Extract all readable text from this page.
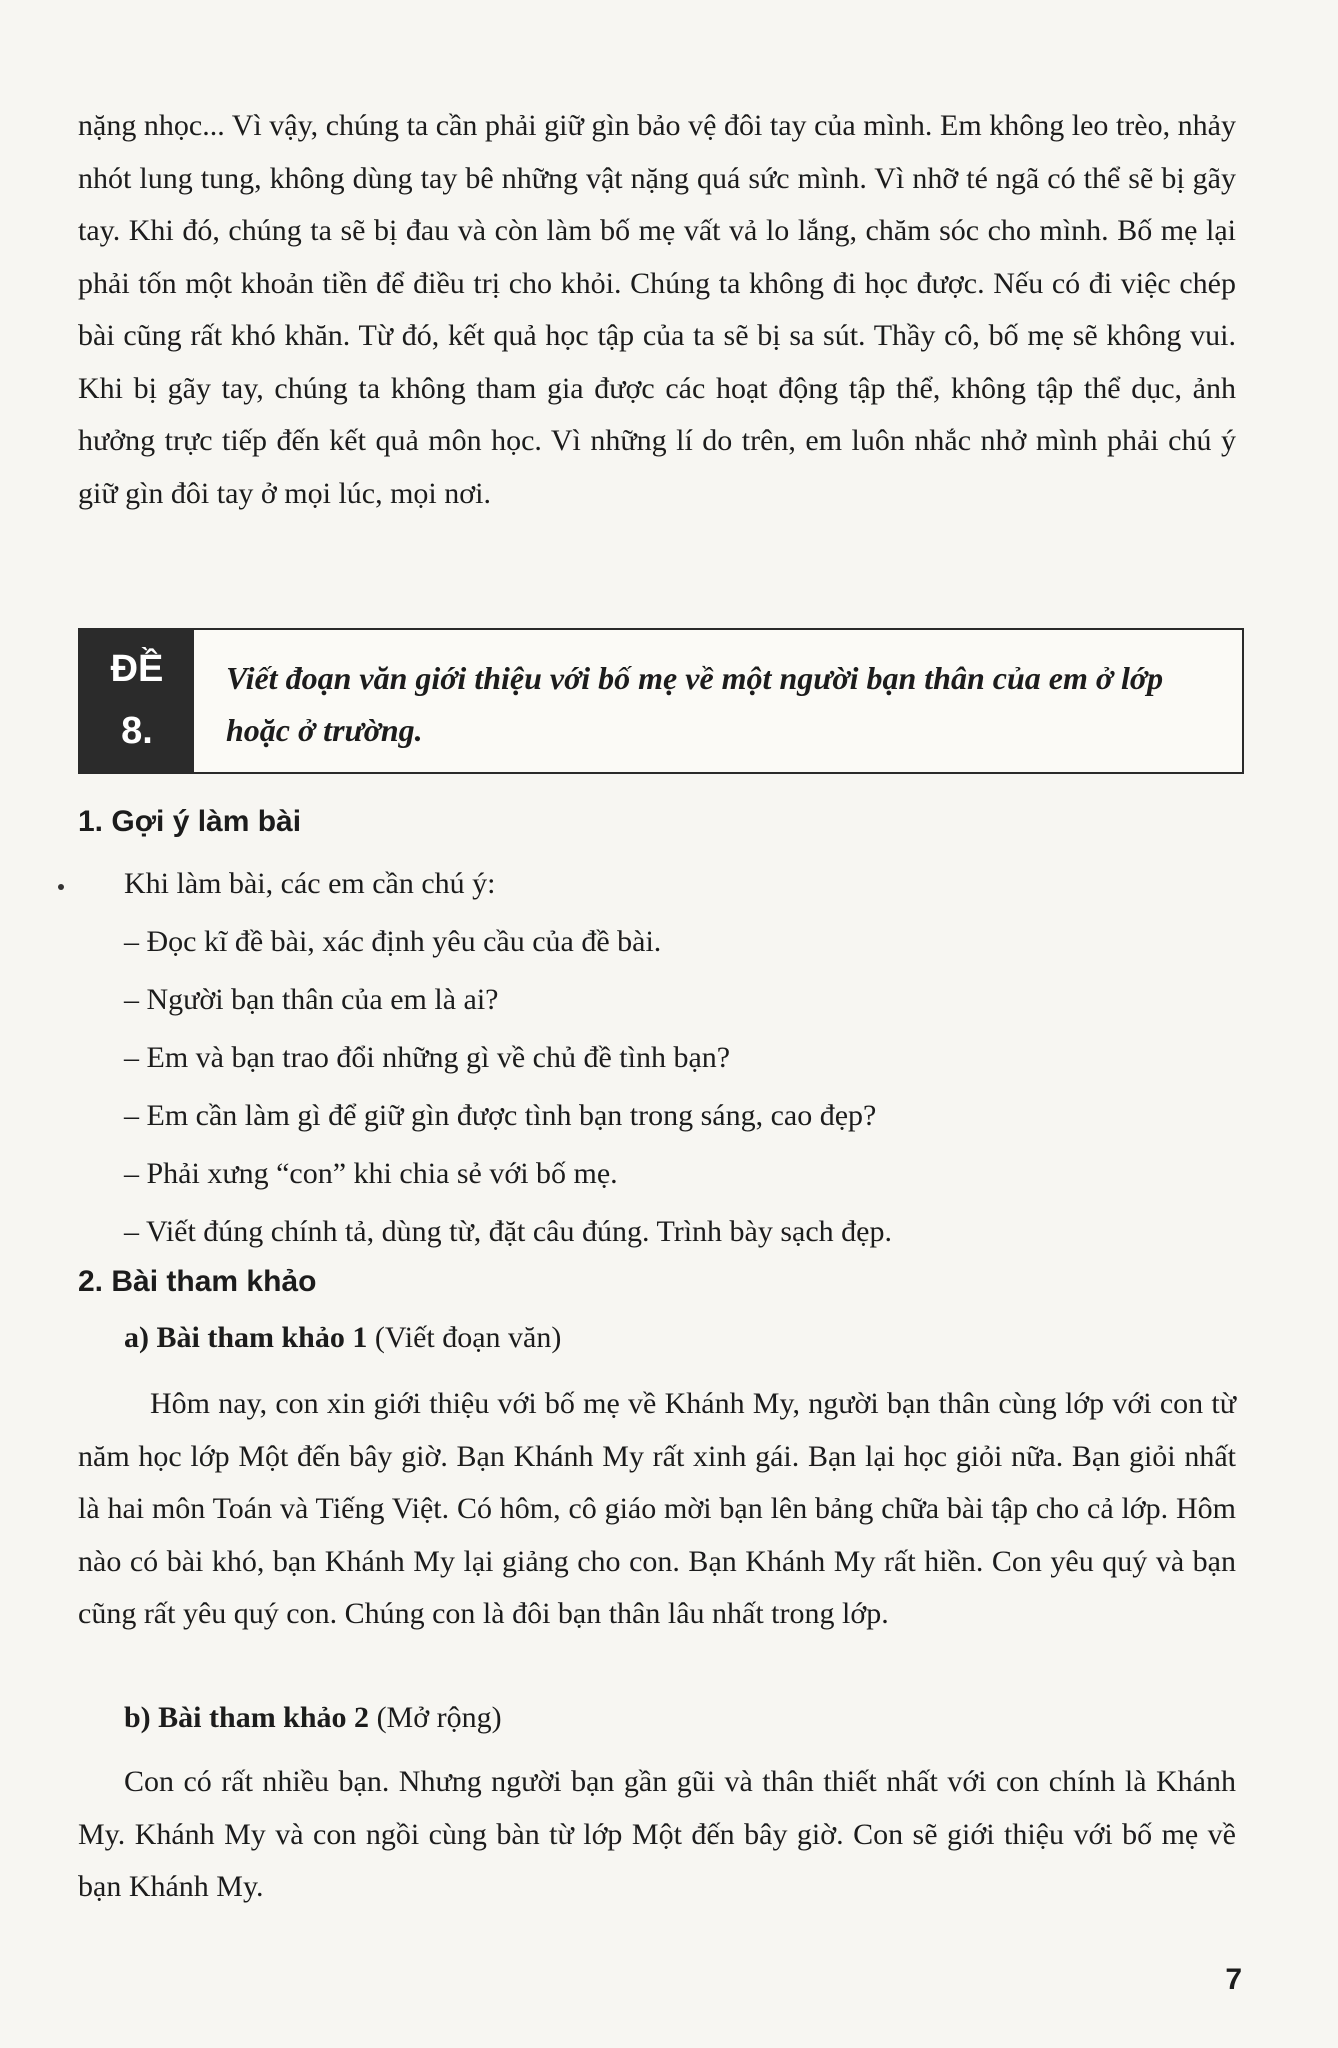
nặng nhọc... Vì vậy, chúng ta cần phải giữ gìn bảo vệ đôi tay của mình. Em không leo trèo, nhảy nhót lung tung, không dùng tay bê những vật nặng quá sức mình. Vì nhỡ té ngã có thể sẽ bị gãy tay. Khi đó, chúng ta sẽ bị đau và còn làm bố mẹ vất vả lo lắng, chăm sóc cho mình. Bố mẹ lại phải tốn một khoản tiền để điều trị cho khỏi. Chúng ta không đi học được. Nếu có đi việc chép bài cũng rất khó khăn. Từ đó, kết quả học tập của ta sẽ bị sa sút. Thầy cô, bố mẹ sẽ không vui. Khi bị gãy tay, chúng ta không tham gia được các hoạt động tập thể, không tập thể dục, ảnh hưởng trực tiếp đến kết quả môn học. Vì những lí do trên, em luôn nhắc nhở mình phải chú ý giữ gìn đôi tay ở mọi lúc, mọi nơi.

ĐỀ
8.
Viết đoạn văn giới thiệu với bố mẹ về một người bạn thân của em ở lớp hoặc ở trường.
1. Gợi ý làm bài
Khi làm bài, các em cần chú ý:
– Đọc kĩ đề bài, xác định yêu cầu của đề bài.
– Người bạn thân của em là ai?
– Em và bạn trao đổi những gì về chủ đề tình bạn?
– Em cần làm gì để giữ gìn được tình bạn trong sáng, cao đẹp?
– Phải xưng “con” khi chia sẻ với bố mẹ.
– Viết đúng chính tả, dùng từ, đặt câu đúng. Trình bày sạch đẹp.
2. Bài tham khảo

a) Bài tham khảo 1 (Viết đoạn văn)

Hôm nay, con xin giới thiệu với bố mẹ về Khánh My, người bạn thân cùng lớp với con từ năm học lớp Một đến bây giờ. Bạn Khánh My rất xinh gái. Bạn lại học giỏi nữa. Bạn giỏi nhất là hai môn Toán và Tiếng Việt. Có hôm, cô giáo mời bạn lên bảng chữa bài tập cho cả lớp. Hôm nào có bài khó, bạn Khánh My lại giảng cho con. Bạn Khánh My rất hiền. Con yêu quý và bạn cũng rất yêu quý con. Chúng con là đôi bạn thân lâu nhất trong lớp.

b) Bài tham khảo 2 (Mở rộng)

Con có rất nhiều bạn. Nhưng người bạn gần gũi và thân thiết nhất với con chính là Khánh My. Khánh My và con ngồi cùng bàn từ lớp Một đến bây giờ. Con sẽ giới thiệu với bố mẹ về bạn Khánh My.

7
